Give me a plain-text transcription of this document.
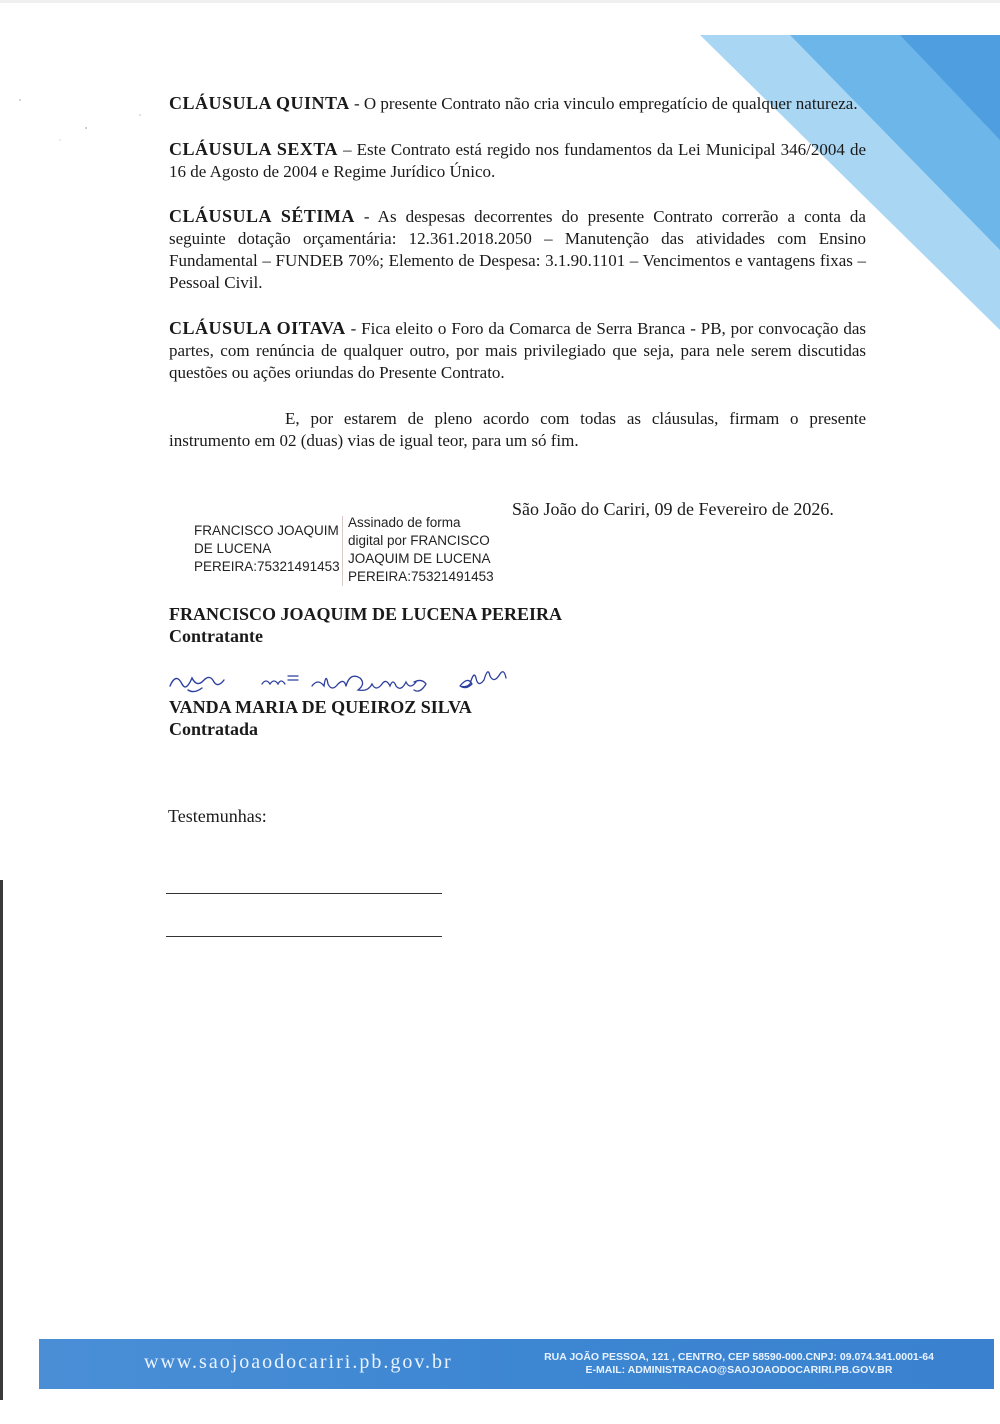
CLÁUSULA QUINTA - O presente Contrato não cria vinculo empregatício de qualquer natureza.

CLÁUSULA SEXTA – Este Contrato está regido nos fundamentos da Lei Municipal 346/2004 de 16 de Agosto de 2004 e Regime Jurídico Único.

CLÁUSULA SÉTIMA - As despesas decorrentes do presente Contrato correrão a conta da seguinte dotação orçamentária: 12.361.2018.2050 – Manutenção das atividades com Ensino Fundamental – FUNDEB 70%; Elemento de Despesa: 3.1.90.1101 – Vencimentos e vantagens fixas – Pessoal Civil.

CLÁUSULA OITAVA - Fica eleito o Foro da Comarca de Serra Branca - PB, por convocação das partes, com renúncia de qualquer outro, por mais privilegiado que seja, para nele serem discutidas questões ou ações oriundas do Presente Contrato.

E, por estarem de pleno acordo com todas as cláusulas, firmam o presente instrumento em 02 (duas) vias de igual teor, para um só fim.

São João do Cariri, 09 de Fevereiro de 2026.
FRANCISCO JOAQUIM
DE LUCENA
PEREIRA:75321491453
Assinado de forma
digital por FRANCISCO
JOAQUIM DE LUCENA
PEREIRA:75321491453
FRANCISCO JOAQUIM DE LUCENA PEREIRA
Contratante
VANDA MARIA DE QUEIROZ SILVA
Contratada
Testemunhas:
www.saojoaodocariri.pb.gov.br	RUA JOÃO PESSOA, 121 , CENTRO, CEP 58590-000.CNPJ: 09.074.341.0001-64
E-MAIL: ADMINISTRACAO@SAOJOAODOCARIRI.PB.GOV.BR
